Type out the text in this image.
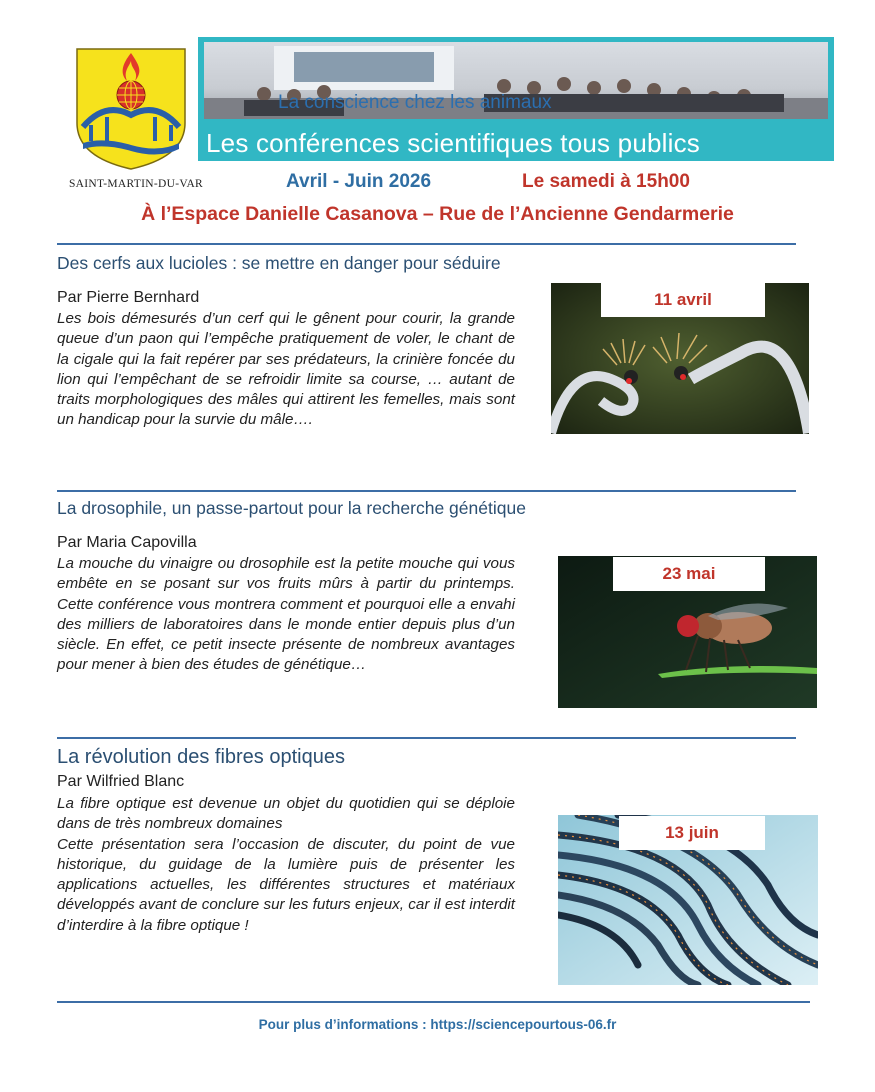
SAINT-MARTIN-DU-VAR
La conscience chez les animaux
Les conférences scientifiques tous publics
Avril - Juin 2026	Le samedi à 15h00
À l’Espace Danielle Casanova – Rue de l’Ancienne Gendarmerie
Des cerfs aux lucioles : se mettre en danger pour séduire
Par Pierre Bernhard

Les bois démesurés d’un cerf qui le gênent pour courir, la grande queue d’un paon qui l’empêche pratiquement de voler, le chant de la cigale qui la fait repérer par ses prédateurs, la crinière foncée du lion qui l’empêchant de se refroidir limite sa course, … autant de traits morphologiques des mâles qui attirent les femelles, mais sont un handicap pour la survie du mâle….

11 avril
La drosophile, un passe-partout pour la recherche génétique
Par Maria Capovilla

La mouche du vinaigre ou drosophile est la petite mouche qui vous embête en se posant sur vos fruits mûrs à partir du printemps. Cette conférence vous montrera comment et pourquoi elle a envahi des milliers de laboratoires dans le monde entier depuis plus d’un siècle. En effet, ce petit insecte présente de nombreux avantages pour mener à bien des études de génétique…

23 mai
La révolution des fibres optiques
Par Wilfried Blanc
La fibre optique est devenue un objet du quotidien qui se déploie dans de très nombreux domaines
Cette présentation sera l’occasion de discuter, du point de vue historique, du guidage de la lumière puis de présenter les applications actuelles, les différentes structures et matériaux développés avant de conclure sur les futurs enjeux, car il est interdit d’interdire à la fibre optique !
13 juin
Pour plus d’informations : https://sciencepourtous-06.fr
